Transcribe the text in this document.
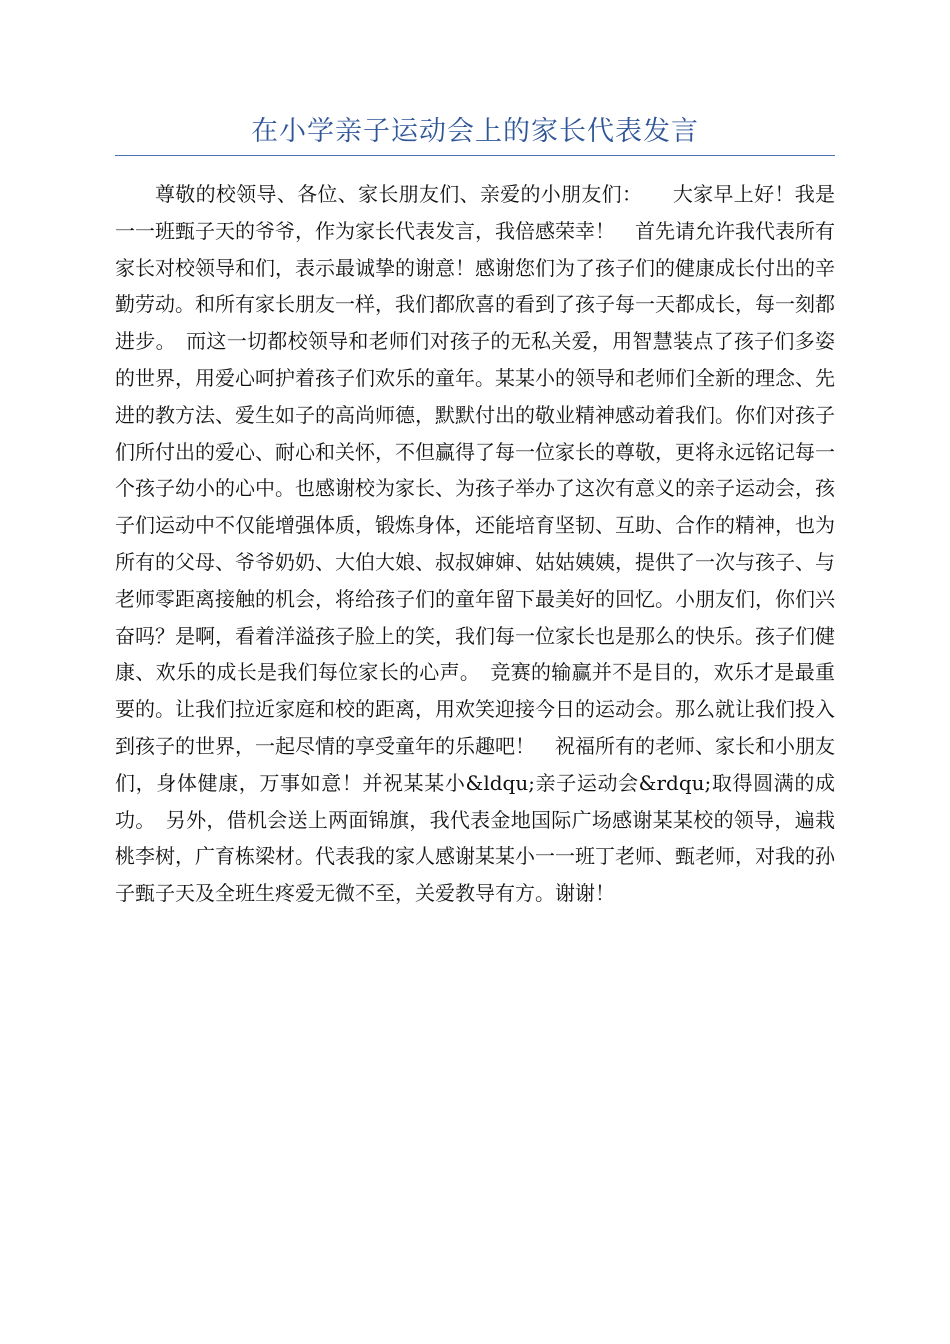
在小学亲子运动会上的家长代表发言

尊敬的校领导、各位、家长朋友们、亲爱的小朋友们：　　大家早上好！我是一一班甄子天的爷爷，作为家长代表发言，我倍感荣幸！　首先请允许我代表所有家长对校领导和们，表示最诚挚的谢意！感谢您们为了孩子们的健康成长付出的辛勤劳动。和所有家长朋友一样，我们都欣喜的看到了孩子每一天都成长，每一刻都进步。　而这一切都校领导和老师们对孩子的无私关爱，用智慧装点了孩子们多姿的世界，用爱心呵护着孩子们欢乐的童年。某某小的领导和老师们全新的理念、先进的教方法、爱生如子的高尚师德，默默付出的敬业精神感动着我们。你们对孩子们所付出的爱心、耐心和关怀，不但赢得了每一位家长的尊敬，更将永远铭记每一个孩子幼小的心中。也感谢校为家长、为孩子举办了这次有意义的亲子运动会，孩子们运动中不仅能增强体质，锻炼身体，还能培育坚韧、互助、合作的精神，也为所有的父母、爷爷奶奶、大伯大娘、叔叔婶婶、姑姑姨姨，提供了一次与孩子、与老师零距离接触的机会，将给孩子们的童年留下最美好的回忆。小朋友们，你们兴奋吗？是啊，看着洋溢孩子脸上的笑，我们每一位家长也是那么的快乐。孩子们健康、欢乐的成长是我们每位家长的心声。　竞赛的输赢并不是目的，欢乐才是最重要的。让我们拉近家庭和校的距离，用欢笑迎接今日的运动会。那么就让我们投入到孩子的世界，一起尽情的享受童年的乐趣吧！　祝福所有的老师、家长和小朋友们，身体健康，万事如意！并祝某某小&ldqu;亲子运动会&rdqu;取得圆满的成功。　另外，借机会送上两面锦旗，我代表金地国际广场感谢某某校的领导，遍栽桃李树，广育栋梁材。代表我的家人感谢某某小一一班丁老师、甄老师，对我的孙子甄子天及全班生疼爱无微不至，关爱教导有方。谢谢！
